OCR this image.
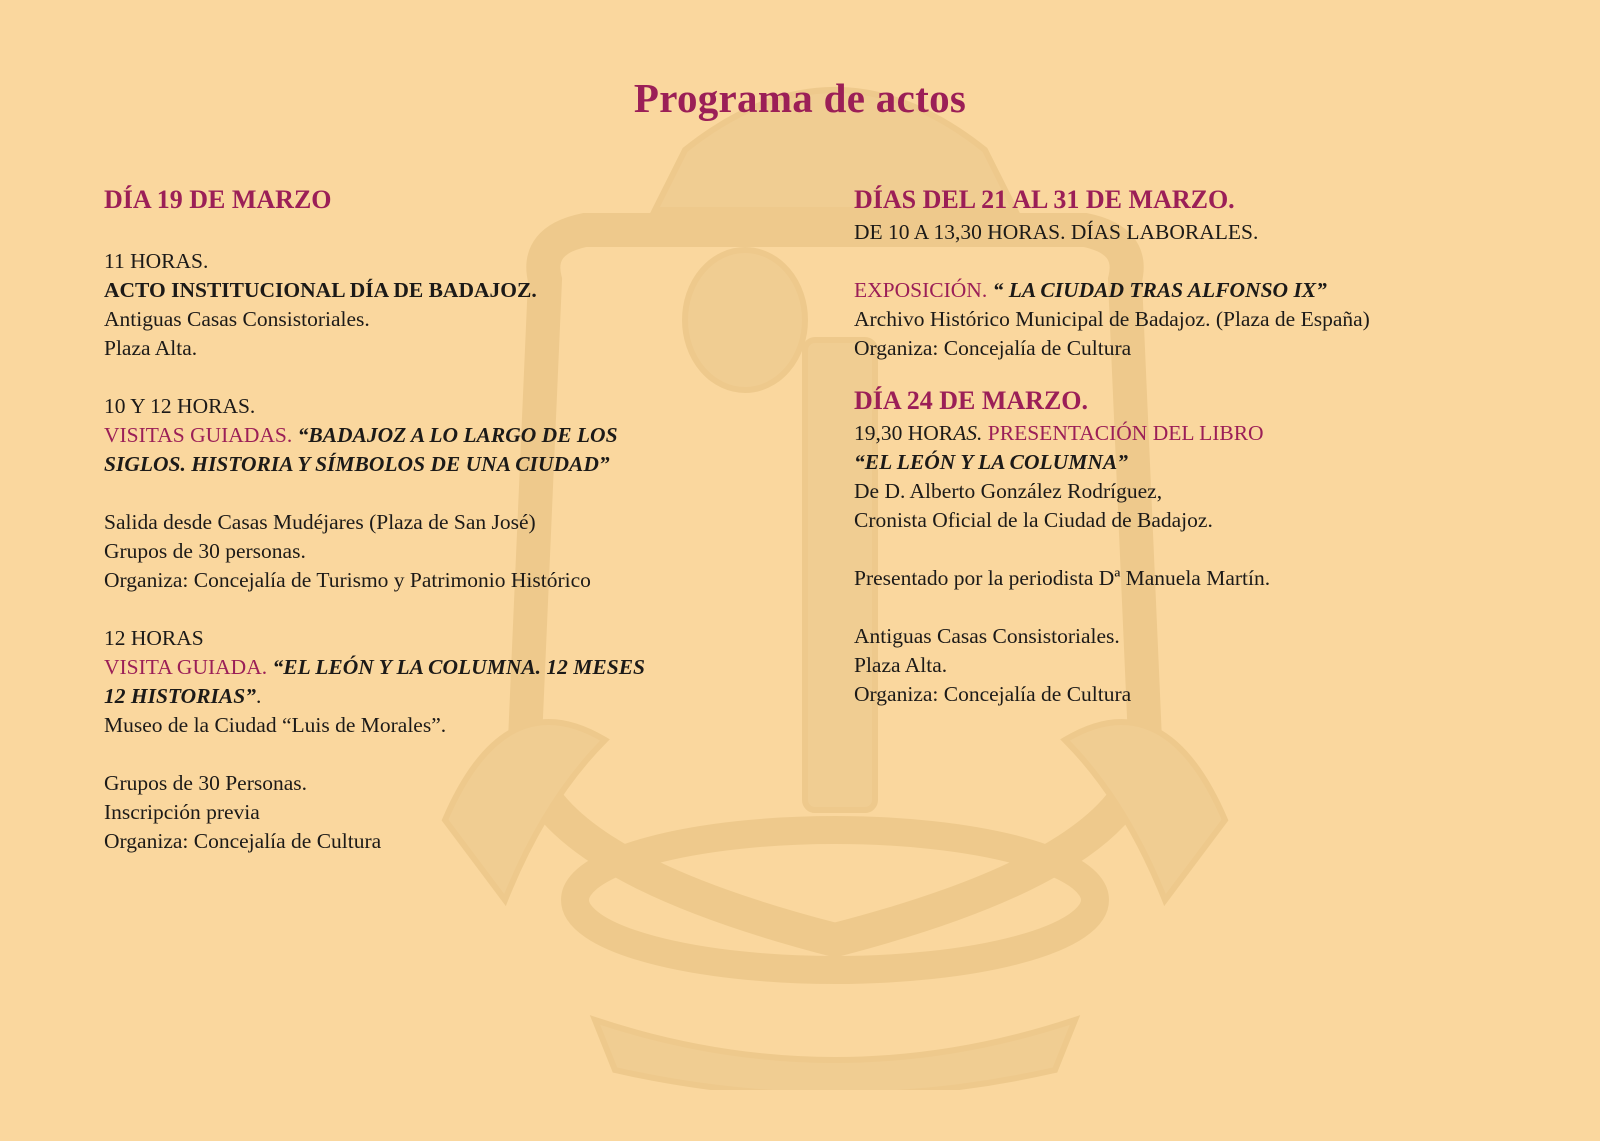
Programa de actos
DÍA 19 DE MARZO
11 HORAS.
ACTO INSTITUCIONAL DÍA DE BADAJOZ.
Antiguas Casas Consistoriales.
Plaza Alta.
10 Y 12 HORAS.
VISITAS GUIADAS. “BADAJOZ A LO LARGO DE LOS
SIGLOS. HISTORIA Y SÍMBOLOS DE UNA CIUDAD”
Salida desde Casas Mudéjares (Plaza de San José)
Grupos de 30 personas.
Organiza: Concejalía de Turismo y Patrimonio Histórico
12 HORAS
VISITA GUIADA. “EL LEÓN Y LA COLUMNA. 12 MESES
12 HISTORIAS”.
Museo de la Ciudad “Luis de Morales”.
Grupos de 30 Personas.
Inscripción previa
Organiza: Concejalía de Cultura
DÍAS DEL 21 AL 31 DE MARZO.
DE 10 A 13,30 HORAS. DÍAS LABORALES.
EXPOSICIÓN. “ LA CIUDAD TRAS ALFONSO IX”
Archivo Histórico Municipal de Badajoz. (Plaza de España)
Organiza: Concejalía de Cultura
DÍA 24 DE MARZO.
19,30 HORAS. PRESENTACIÓN DEL LIBRO
“EL LEÓN Y LA COLUMNA”
De D. Alberto González Rodríguez,
Cronista Oficial de la Ciudad de Badajoz.
Presentado por la periodista Dª Manuela Martín.
Antiguas Casas Consistoriales.
Plaza Alta.
Organiza: Concejalía de Cultura
